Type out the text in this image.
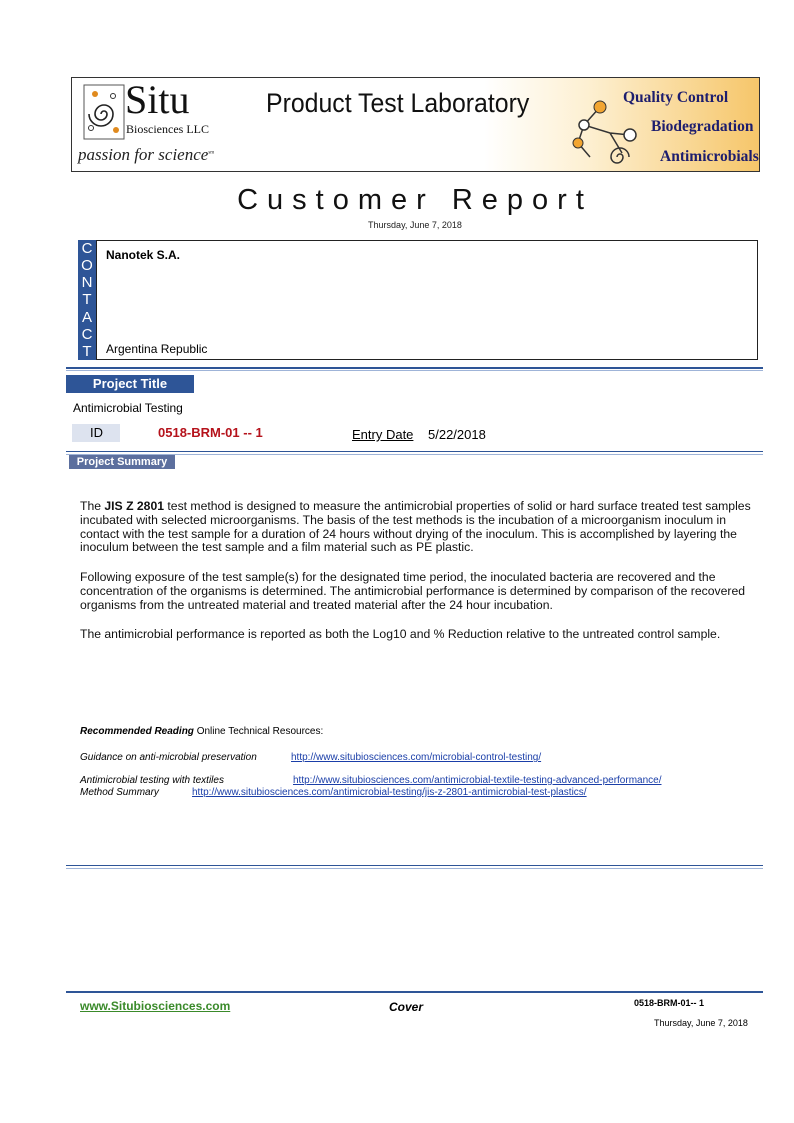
Situ
Biosciences LLC
passion for science$^{sm}$
Product Test Laboratory	Quality Control
Biodegradation
Antimicrobials
Customer Report
Thursday, June 7, 2018
C
O
N
T
A
C
T
Nanotek S.A.
Argentina Republic
Project Title
Antimicrobial Testing
ID	0518-BRM-01 -- 1	Entry Date 5/22/2018
Project Summary
The JIS Z 2801 test method is designed to measure the antimicrobial properties of solid or hard surface treated test samples incubated with selected microorganisms. The basis of the test methods is the incubation of a microorganism inoculum in contact with the test sample for a duration of 24 hours without drying of the inoculum. This is accomplished by layering the inoculum between the test sample and a film material such as PE plastic.
Following exposure of the test sample(s) for the designated time period, the inoculated bacteria are recovered and the concentration of the organisms is determined. The antimicrobial performance is determined by comparison of the recovered organisms from the untreated material and treated material after the 24 hour incubation.
The antimicrobial performance is reported as both the Log10 and % Reduction relative to the untreated control sample.
Recommended Reading Online Technical Resources:
Guidance on anti-microbial preservation	http://www.situbiosciences.com/microbial-control-testing/
Antimicrobial testing with textiles	http://www.situbiosciences.com/antimicrobial-textile-testing-advanced-performance/
Method Summary	http://www.situbiosciences.com/antimicrobial-testing/jis-z-2801-antimicrobial-test-plastics/
www.Situbiosciences.com	Cover	0518-BRM-01-- 1
Thursday, June 7, 2018
